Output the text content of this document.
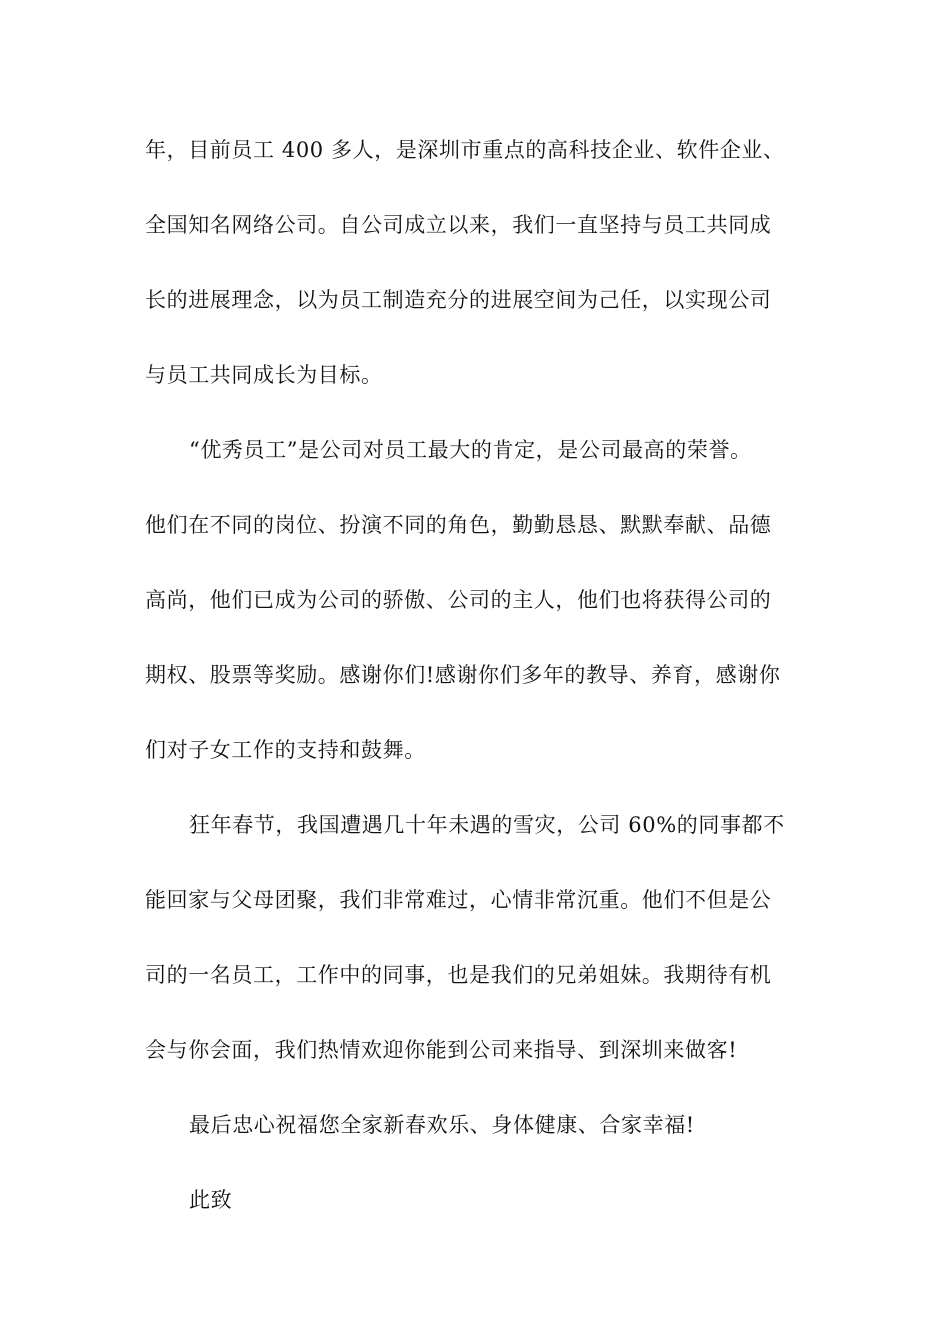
年，目前员工 400 多人，是深圳市重点的高科技企业、软件企业、
全国知名网络公司。自公司成立以来，我们一直坚持与员工共同成
长的进展理念，以为员工制造充分的进展空间为己任，以实现公司
与员工共同成长为目标。
“优秀员工”是公司对员工最大的肯定，是公司最高的荣誉。
他们在不同的岗位、扮演不同的角色，勤勤恳恳、默默奉献、品德
高尚，他们已成为公司的骄傲、公司的主人，他们也将获得公司的
期权、股票等奖励。感谢你们!感谢你们多年的教导、养育，感谢你
们对子女工作的支持和鼓舞。
狂年春节，我国遭遇几十年未遇的雪灾，公司 60%的同事都不
能回家与父母团聚，我们非常难过，心情非常沉重。他们不但是公
司的一名员工，工作中的同事，也是我们的兄弟姐妹。我期待有机
会与你会面，我们热情欢迎你能到公司来指导、到深圳来做客!
最后忠心祝福您全家新春欢乐、身体健康、合家幸福!
此致
